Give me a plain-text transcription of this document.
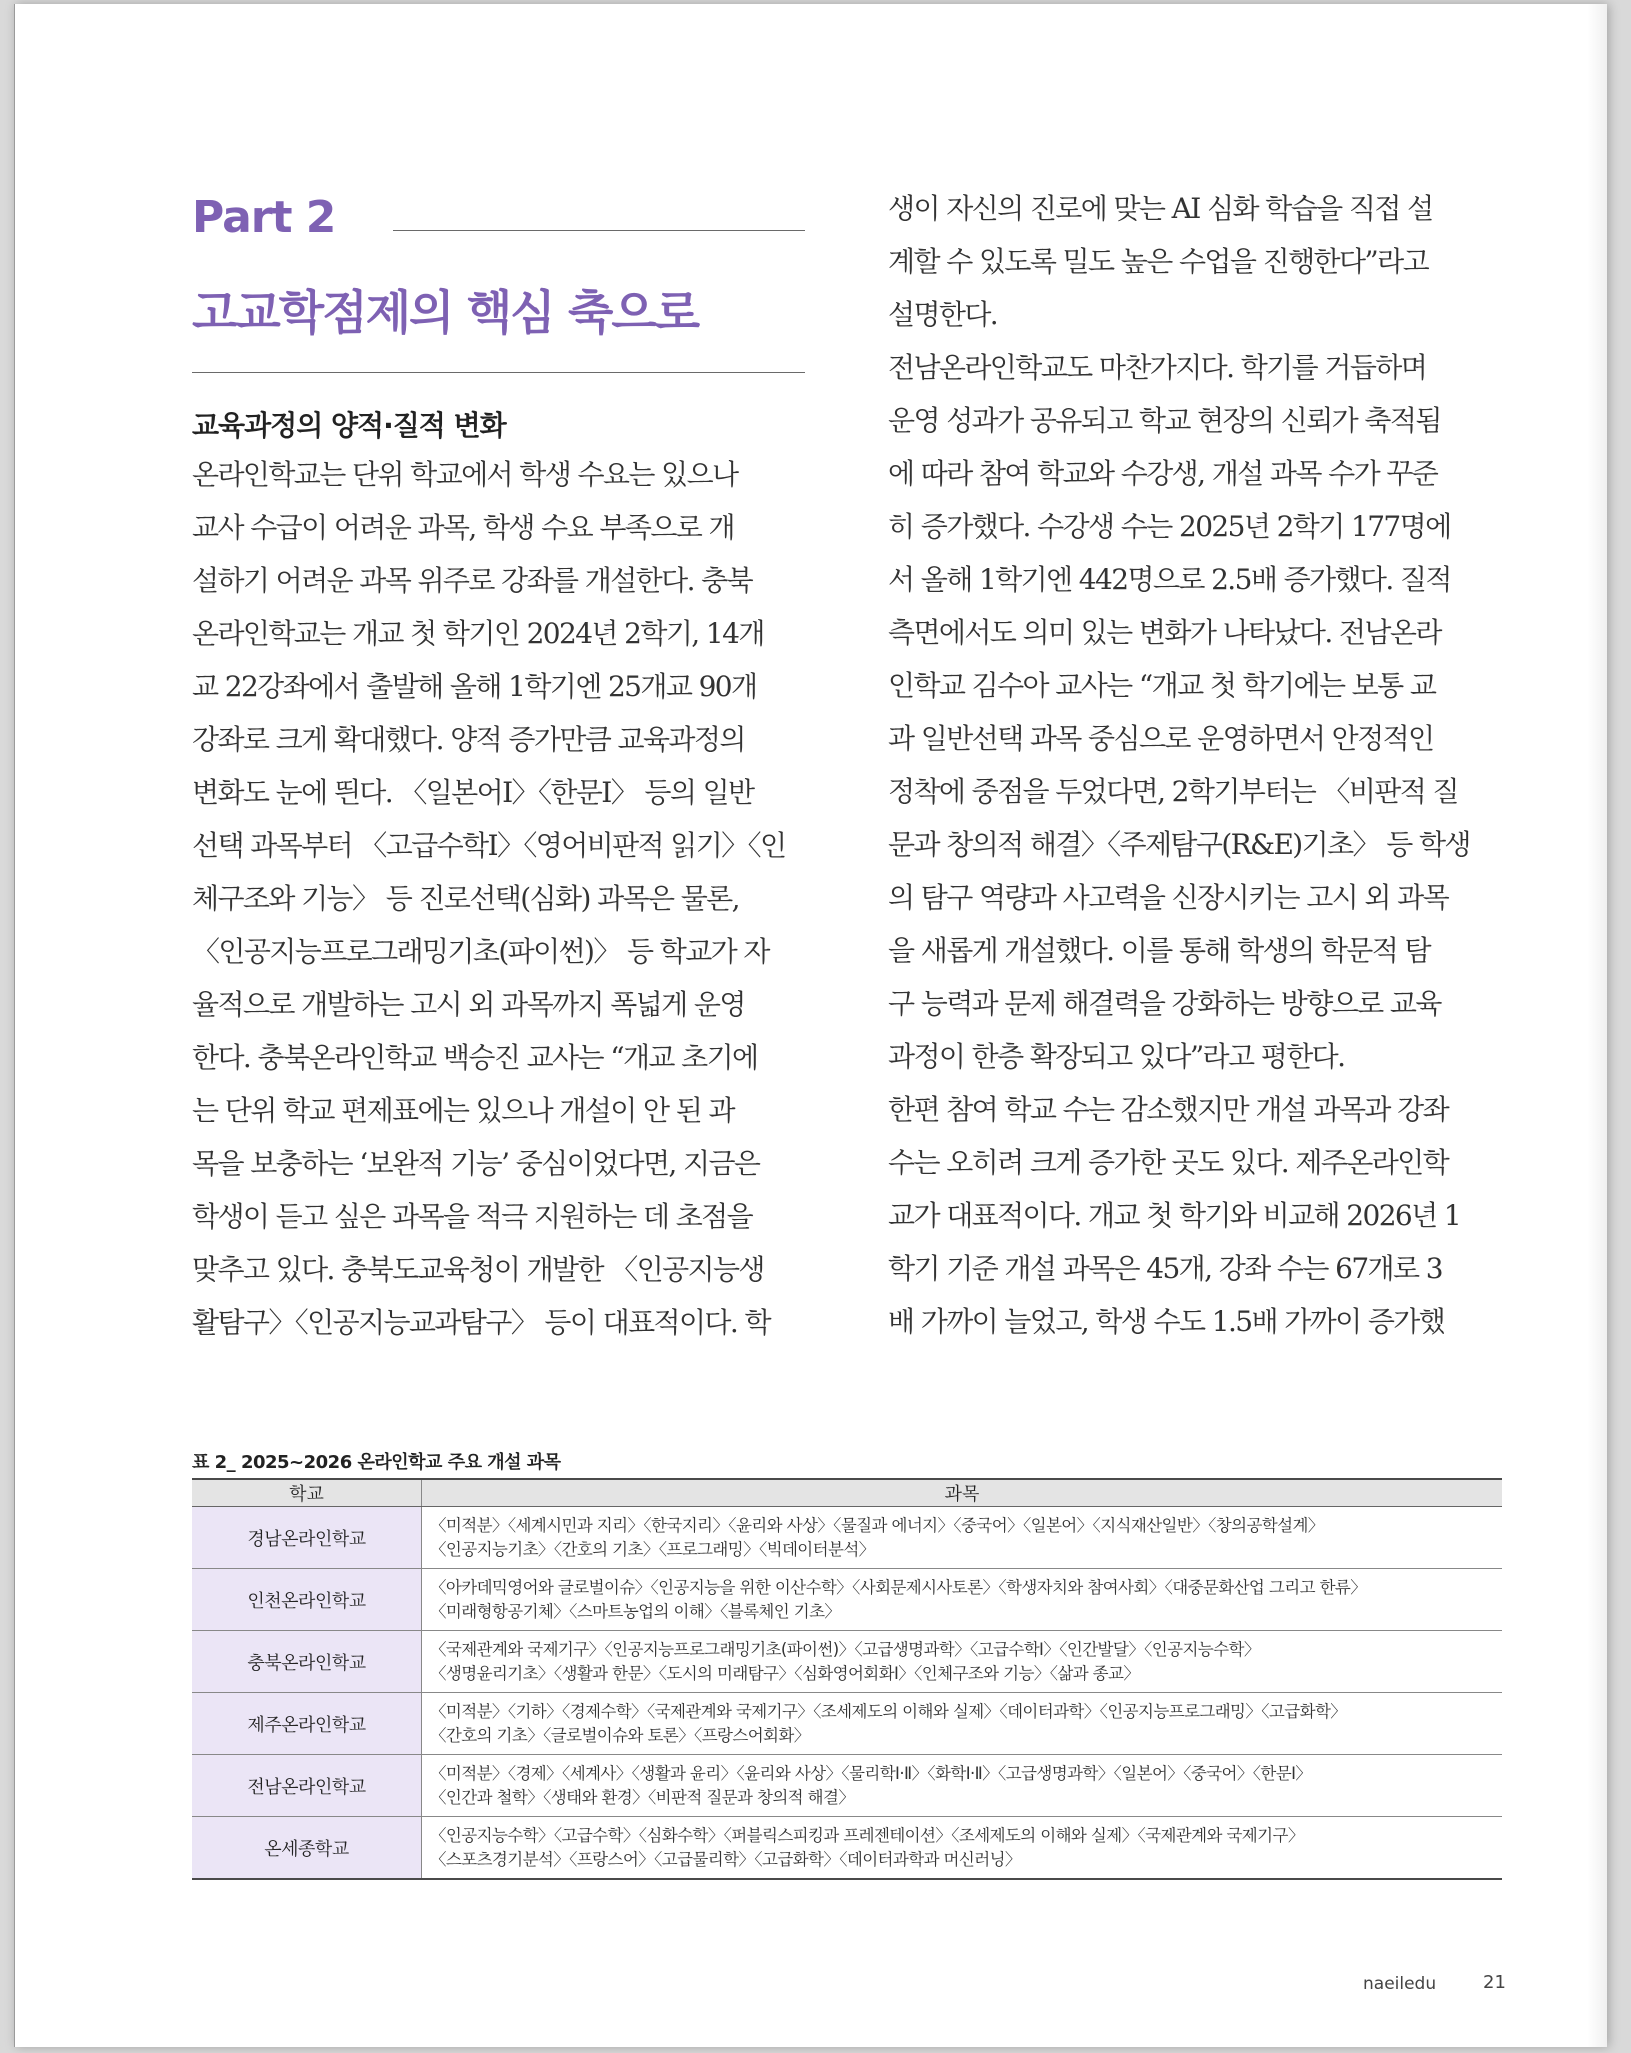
Part 2
고교학점제의 핵심 축으로
교육과정의 양적·질적 변화
온라인학교는 단위 학교에서 학생 수요는 있으나
교사 수급이 어려운 과목, 학생 수요 부족으로 개
설하기 어려운 과목 위주로 강좌를 개설한다. 충북
온라인학교는 개교 첫 학기인 2024년 2학기, 14개
교 22강좌에서 출발해 올해 1학기엔 25개교 90개
강좌로 크게 확대했다. 양적 증가만큼 교육과정의
변화도 눈에 띈다. 〈일본어Ⅰ〉〈한문Ⅰ〉 등의 일반
선택 과목부터 〈고급수학Ⅰ〉〈영어비판적 읽기〉〈인
체구조와 기능〉 등 진로선택(심화) 과목은 물론,
〈인공지능프로그래밍기초(파이썬)〉 등 학교가 자
율적으로 개발하는 고시 외 과목까지 폭넓게 운영
한다. 충북온라인학교 백승진 교사는 “개교 초기에
는 단위 학교 편제표에는 있으나 개설이 안 된 과
목을 보충하는 ‘보완적 기능’ 중심이었다면, 지금은
학생이 듣고 싶은 과목을 적극 지원하는 데 초점을
맞추고 있다. 충북도교육청이 개발한 〈인공지능생
활탐구〉〈인공지능교과탐구〉 등이 대표적이다. 학
생이 자신의 진로에 맞는 AI 심화 학습을 직접 설
계할 수 있도록 밀도 높은 수업을 진행한다”라고
설명한다.
전남온라인학교도 마찬가지다. 학기를 거듭하며
운영 성과가 공유되고 학교 현장의 신뢰가 축적됨
에 따라 참여 학교와 수강생, 개설 과목 수가 꾸준
히 증가했다. 수강생 수는 2025년 2학기 177명에
서 올해 1학기엔 442명으로 2.5배 증가했다. 질적
측면에서도 의미 있는 변화가 나타났다. 전남온라
인학교 김수아 교사는 “개교 첫 학기에는 보통 교
과 일반선택 과목 중심으로 운영하면서 안정적인
정착에 중점을 두었다면, 2학기부터는 〈비판적 질
문과 창의적 해결〉〈주제탐구(R&E)기초〉 등 학생
의 탐구 역량과 사고력을 신장시키는 고시 외 과목
을 새롭게 개설했다. 이를 통해 학생의 학문적 탐
구 능력과 문제 해결력을 강화하는 방향으로 교육
과정이 한층 확장되고 있다”라고 평한다.
한편 참여 학교 수는 감소했지만 개설 과목과 강좌
수는 오히려 크게 증가한 곳도 있다. 제주온라인학
교가 대표적이다. 개교 첫 학기와 비교해 2026년 1
학기 기준 개설 과목은 45개, 강좌 수는 67개로 3
배 가까이 늘었고, 학생 수도 1.5배 가까이 증가했
표 2_ 2025~2026 온라인학교 주요 개설 과목
학교	과목
경남온라인학교	〈미적분〉〈세계시민과 지리〉〈한국지리〉〈윤리와 사상〉〈물질과 에너지〉〈중국어〉〈일본어〉〈지식재산일반〉〈창의공학설계〉
〈인공지능기초〉〈간호의 기초〉〈프로그래밍〉〈빅데이터분석〉

인천온라인학교	〈아카데믹영어와 글로벌이슈〉〈인공지능을 위한 이산수학〉〈사회문제시사토론〉〈학생자치와 참여사회〉〈대중문화산업 그리고 한류〉
〈미래형항공기체〉〈스마트농업의 이해〉〈블록체인 기초〉

충북온라인학교	〈국제관계와 국제기구〉〈인공지능프로그래밍기초(파이썬)〉〈고급생명과학〉〈고급수학Ⅰ〉〈인간발달〉〈인공지능수학〉
〈생명윤리기초〉〈생활과 한문〉〈도시의 미래탐구〉〈심화영어회화Ⅰ〉〈인체구조와 기능〉〈삶과 종교〉

제주온라인학교	〈미적분〉〈기하〉〈경제수학〉〈국제관계와 국제기구〉〈조세제도의 이해와 실제〉〈데이터과학〉〈인공지능프로그래밍〉〈고급화학〉
〈간호의 기초〉〈글로벌이슈와 토론〉〈프랑스어회화〉

전남온라인학교	〈미적분〉〈경제〉〈세계사〉〈생활과 윤리〉〈윤리와 사상〉〈물리학Ⅰ·Ⅱ〉〈화학Ⅰ·Ⅱ〉〈고급생명과학〉〈일본어〉〈중국어〉〈한문Ⅰ〉
〈인간과 철학〉〈생태와 환경〉〈비판적 질문과 창의적 해결〉

온세종학교	〈인공지능수학〉〈고급수학〉〈심화수학〉〈퍼블릭스피킹과 프레젠테이션〉〈조세제도의 이해와 실제〉〈국제관계와 국제기구〉
〈스포츠경기분석〉〈프랑스어〉〈고급물리학〉〈고급화학〉〈데이터과학과 머신러닝〉
naeiledu	21
